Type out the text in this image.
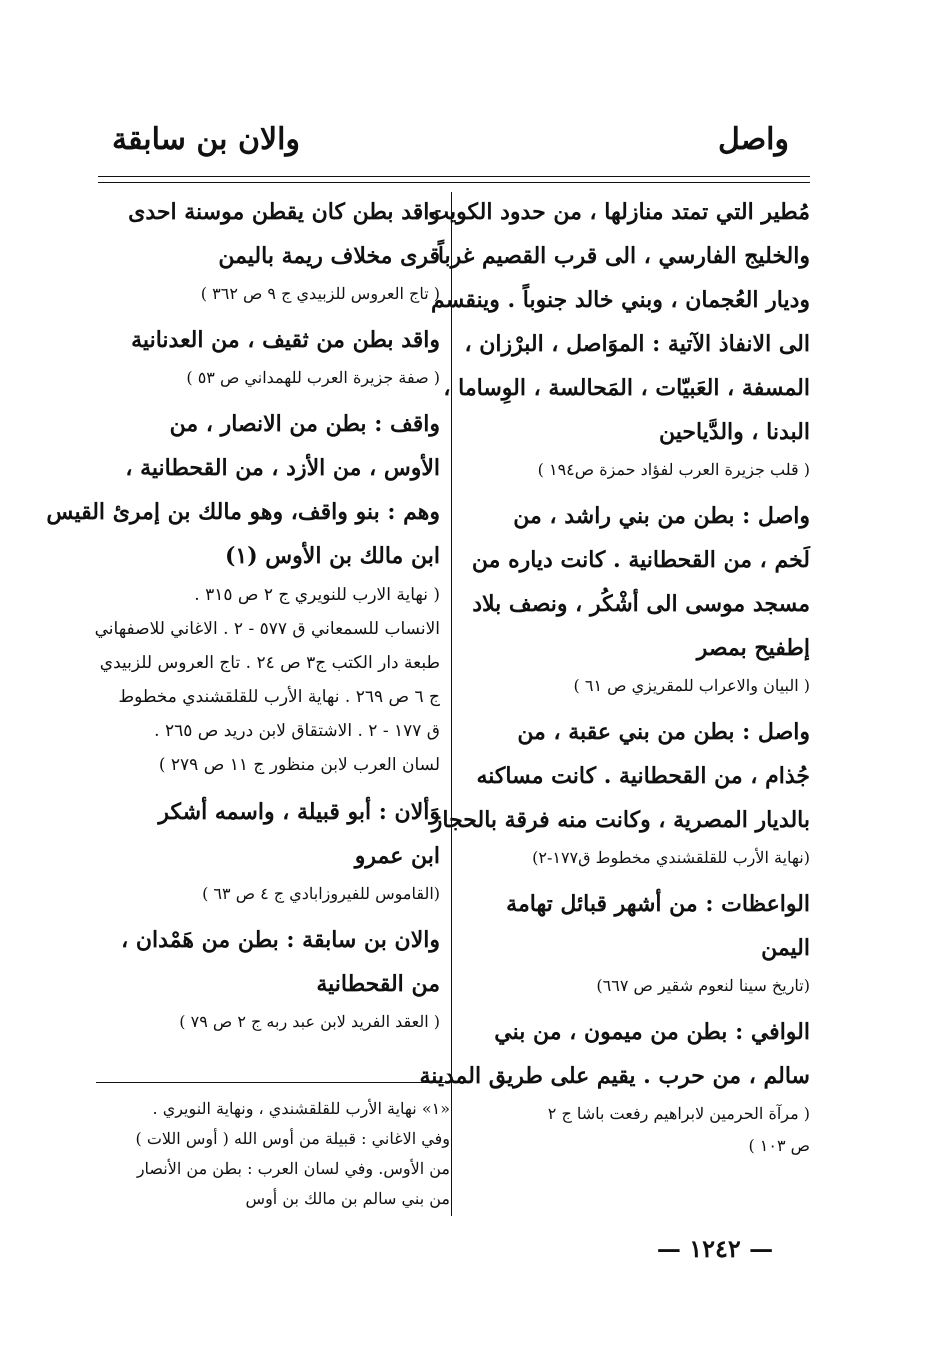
واصل
والان بن سابقة
مُطير التي تمتد منازلها ، من حدود الكويت ،
والخليج الفارسي ، الى قرب القصيم غرباً
وديار العُجمان ، وبني خالد جنوباً . وينقسم
الى الانفاذ الآتية : الموَاصل ، البرْزان ،
المسفة ، العَبيّات ، المَحالسة ، الوِساما ،
البدنا ، والدَّياحين
( قلب جزيرة العرب لفؤاد حمزة ص١٩٤ )
واصل : بطن من بني راشد ، من
لَخم ، من القحطانية . كانت دياره من
مسجد موسى الى أشْكُر ، ونصف بلاد
إطفيح بمصر
( البيان والاعراب للمقريزي ص ٦١ )
واصل : بطن من بني عقبة ، من
جُذام ، من القحطانية . كانت مساكنه
بالديار المصرية ، وكانت منه فرقة بالحجاز
(نهاية الأرب للقلقشندي مخطوط ق١٧٧-٢)
الواعظات : من أشهر قبائل تهامة
اليمن
(تاريخ سينا لنعوم شقير ص ٦٦٧)
الوافي : بطن من ميمون ، من بني
سالم ، من حرب . يقيم على طريق المدينة
( مرآة الحرمين لابراهيم رفعت باشا ج ٢
ص ١٠٣ )
واقد بطن كان يقطن موسنة احدى
قرى مخلاف ريمة باليمن
( تاج العروس للزبيدي ج ٩ ص ٣٦٢ )
واقد بطن من ثقيف ، من العدنانية
( صفة جزيرة العرب للهمداني ص ٥٣ )
واقف : بطن من الانصار ، من
الأوس ، من الأزد ، من القحطانية ،
وهم : بنو واقف، وهو مالك بن إمرئ القيس
ابن مالك بن الأوس (١)
( نهاية الارب للنويري ج ٢ ص ٣١٥ .
الانساب للسمعاني ق ٥٧٧ - ٢ . الاغاني للاصفهاني
طبعة دار الكتب ج٣ ص ٢٤ . تاج العروس للزبيدي
ج ٦ ص ٢٦٩ . نهاية الأرب للقلقشندي مخطوط
ق ١٧٧ - ٢ . الاشتقاق لابن دريد ص ٢٦٥ .
لسان العرب لابن منظور ج ١١ ص ٢٧٩ )
وَألان : أبو قبيلة ، واسمه أشكر
ابن عمرو
(القاموس للفيروزابادي ج ٤ ص ٦٣ )
والان بن سابقة : بطن من هَمْدان ،
من القحطانية
( العقد الفريد لابن عبد ربه ج ٢ ص ٧٩ )
«١» نهاية الأرب للقلقشندي ، ونهاية النويري .
وفي الاغاني : قبيلة من أوس الله ( أوس اللات )
من الأوس. وفي لسان العرب : بطن من الأنصار
من بني سالم بن مالك بن أوس
— ١٢٤٢ —
